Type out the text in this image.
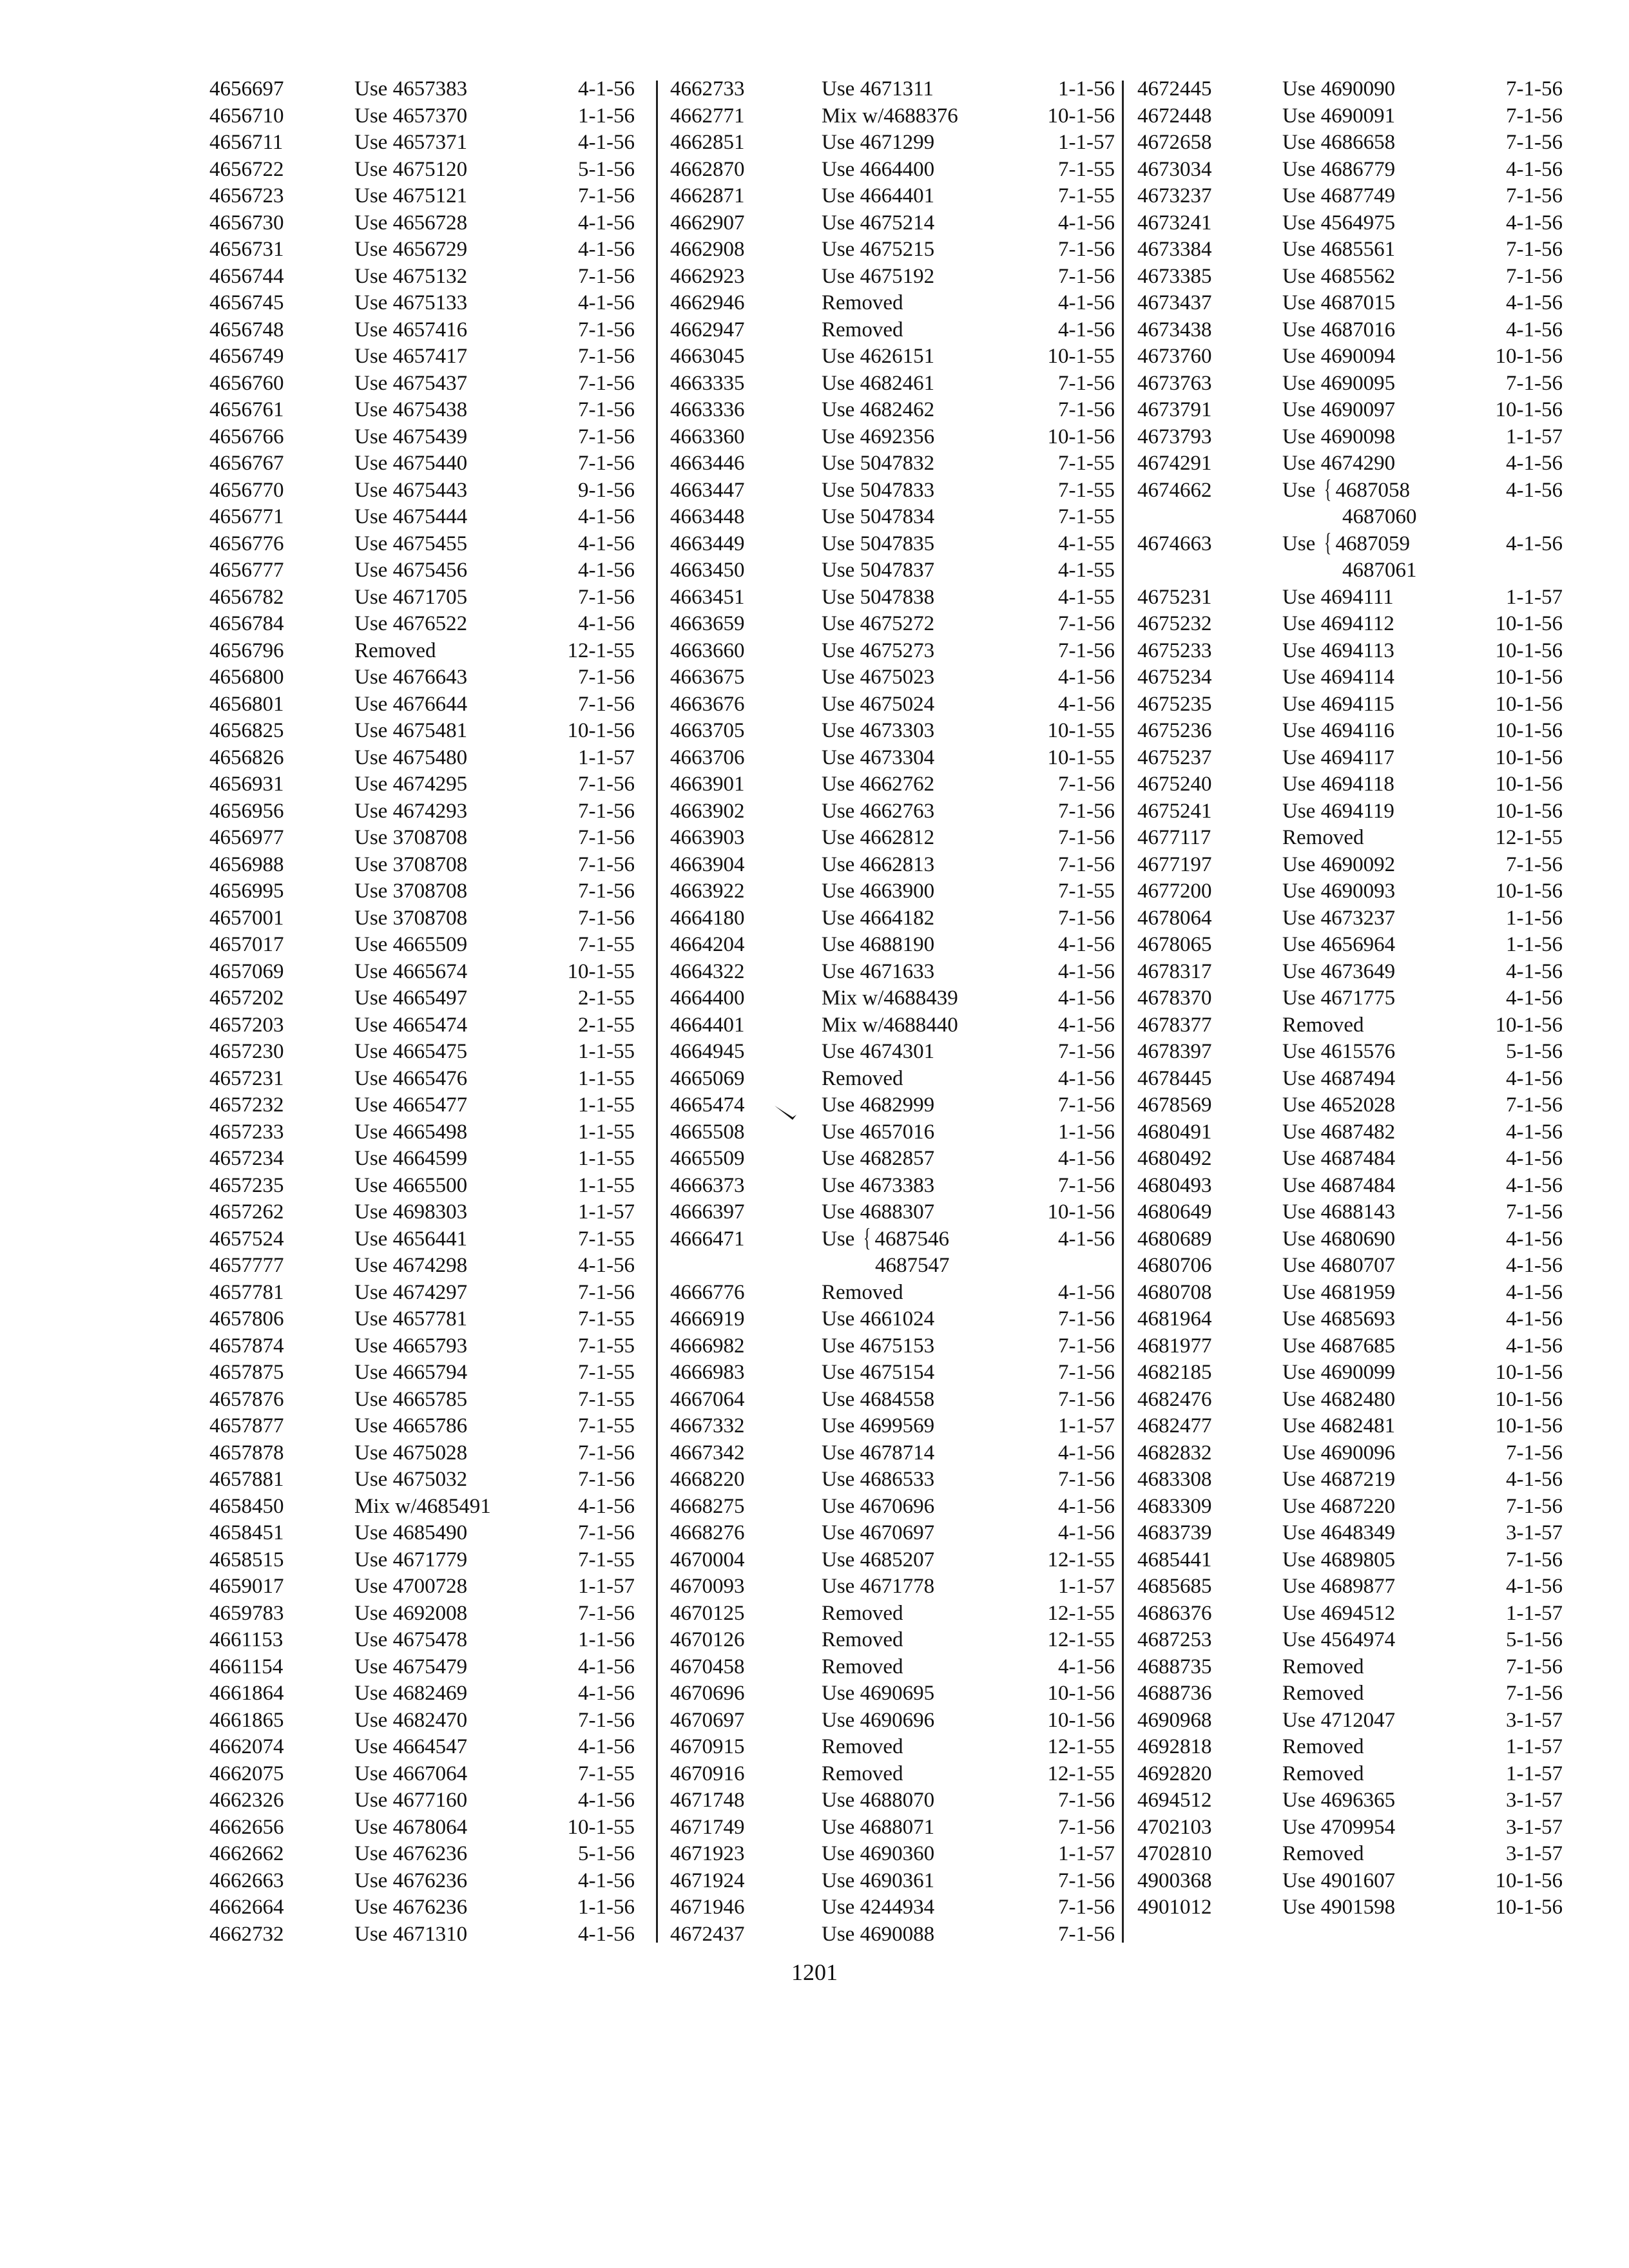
4656697	Use 4657383	4-1-56
4656710	Use 4657370	1-1-56
4656711	Use 4657371	4-1-56
4656722	Use 4675120	5-1-56
4656723	Use 4675121	7-1-56
4656730	Use 4656728	4-1-56
4656731	Use 4656729	4-1-56
4656744	Use 4675132	7-1-56
4656745	Use 4675133	4-1-56
4656748	Use 4657416	7-1-56
4656749	Use 4657417	7-1-56
4656760	Use 4675437	7-1-56
4656761	Use 4675438	7-1-56
4656766	Use 4675439	7-1-56
4656767	Use 4675440	7-1-56
4656770	Use 4675443	9-1-56
4656771	Use 4675444	4-1-56
4656776	Use 4675455	4-1-56
4656777	Use 4675456	4-1-56
4656782	Use 4671705	7-1-56
4656784	Use 4676522	4-1-56
4656796	Removed	12-1-55
4656800	Use 4676643	7-1-56
4656801	Use 4676644	7-1-56
4656825	Use 4675481	10-1-56
4656826	Use 4675480	1-1-57
4656931	Use 4674295	7-1-56
4656956	Use 4674293	7-1-56
4656977	Use 3708708	7-1-56
4656988	Use 3708708	7-1-56
4656995	Use 3708708	7-1-56
4657001	Use 3708708	7-1-56
4657017	Use 4665509	7-1-55
4657069	Use 4665674	10-1-55
4657202	Use 4665497	2-1-55
4657203	Use 4665474	2-1-55
4657230	Use 4665475	1-1-55
4657231	Use 4665476	1-1-55
4657232	Use 4665477	1-1-55
4657233	Use 4665498	1-1-55
4657234	Use 4664599	1-1-55
4657235	Use 4665500	1-1-55
4657262	Use 4698303	1-1-57
4657524	Use 4656441	7-1-55
4657777	Use 4674298	4-1-56
4657781	Use 4674297	7-1-56
4657806	Use 4657781	7-1-55
4657874	Use 4665793	7-1-55
4657875	Use 4665794	7-1-55
4657876	Use 4665785	7-1-55
4657877	Use 4665786	7-1-55
4657878	Use 4675028	7-1-56
4657881	Use 4675032	7-1-56
4658450	Mix w/4685491	4-1-56
4658451	Use 4685490	7-1-56
4658515	Use 4671779	7-1-55
4659017	Use 4700728	1-1-57
4659783	Use 4692008	7-1-56
4661153	Use 4675478	1-1-56
4661154	Use 4675479	4-1-56
4661864	Use 4682469	4-1-56
4661865	Use 4682470	7-1-56
4662074	Use 4664547	4-1-56
4662075	Use 4667064	7-1-55
4662326	Use 4677160	4-1-56
4662656	Use 4678064	10-1-55
4662662	Use 4676236	5-1-56
4662663	Use 4676236	4-1-56
4662664	Use 4676236	1-1-56
4662732	Use 4671310	4-1-56
4662733	Use 4671311	1-1-56
4662771	Mix w/4688376	10-1-56
4662851	Use 4671299	1-1-57
4662870	Use 4664400	7-1-55
4662871	Use 4664401	7-1-55
4662907	Use 4675214	4-1-56
4662908	Use 4675215	7-1-56
4662923	Use 4675192	7-1-56
4662946	Removed	4-1-56
4662947	Removed	4-1-56
4663045	Use 4626151	10-1-55
4663335	Use 4682461	7-1-56
4663336	Use 4682462	7-1-56
4663360	Use 4692356	10-1-56
4663446	Use 5047832	7-1-55
4663447	Use 5047833	7-1-55
4663448	Use 5047834	7-1-55
4663449	Use 5047835	4-1-55
4663450	Use 5047837	4-1-55
4663451	Use 5047838	4-1-55
4663659	Use 4675272	7-1-56
4663660	Use 4675273	7-1-56
4663675	Use 4675023	4-1-56
4663676	Use 4675024	4-1-56
4663705	Use 4673303	10-1-55
4663706	Use 4673304	10-1-55
4663901	Use 4662762	7-1-56
4663902	Use 4662763	7-1-56
4663903	Use 4662812	7-1-56
4663904	Use 4662813	7-1-56
4663922	Use 4663900	7-1-55
4664180	Use 4664182	7-1-56
4664204	Use 4688190	4-1-56
4664322	Use 4671633	4-1-56
4664400	Mix w/4688439	4-1-56
4664401	Mix w/4688440	4-1-56
4664945	Use 4674301	7-1-56
4665069	Removed	4-1-56
4665474	Use 4682999	7-1-56
4665508	Use 4657016	1-1-56
4665509	Use 4682857	4-1-56
4666373	Use 4673383	7-1-56
4666397	Use 4688307	10-1-56
4666471	Use { 4687546	4-1-56
4687547
4666776	Removed	4-1-56
4666919	Use 4661024	7-1-56
4666982	Use 4675153	7-1-56
4666983	Use 4675154	7-1-56
4667064	Use 4684558	7-1-56
4667332	Use 4699569	1-1-57
4667342	Use 4678714	4-1-56
4668220	Use 4686533	7-1-56
4668275	Use 4670696	4-1-56
4668276	Use 4670697	4-1-56
4670004	Use 4685207	12-1-55
4670093	Use 4671778	1-1-57
4670125	Removed	12-1-55
4670126	Removed	12-1-55
4670458	Removed	4-1-56
4670696	Use 4690695	10-1-56
4670697	Use 4690696	10-1-56
4670915	Removed	12-1-55
4670916	Removed	12-1-55
4671748	Use 4688070	7-1-56
4671749	Use 4688071	7-1-56
4671923	Use 4690360	1-1-57
4671924	Use 4690361	7-1-56
4671946	Use 4244934	7-1-56
4672437	Use 4690088	7-1-56
4672445	Use 4690090	7-1-56
4672448	Use 4690091	7-1-56
4672658	Use 4686658	7-1-56
4673034	Use 4686779	4-1-56
4673237	Use 4687749	7-1-56
4673241	Use 4564975	4-1-56
4673384	Use 4685561	7-1-56
4673385	Use 4685562	7-1-56
4673437	Use 4687015	4-1-56
4673438	Use 4687016	4-1-56
4673760	Use 4690094	10-1-56
4673763	Use 4690095	7-1-56
4673791	Use 4690097	10-1-56
4673793	Use 4690098	1-1-57
4674291	Use 4674290	4-1-56
4674662	Use { 4687058	4-1-56
4687060
4674663	Use { 4687059	4-1-56
4687061
4675231	Use 4694111	1-1-57
4675232	Use 4694112	10-1-56
4675233	Use 4694113	10-1-56
4675234	Use 4694114	10-1-56
4675235	Use 4694115	10-1-56
4675236	Use 4694116	10-1-56
4675237	Use 4694117	10-1-56
4675240	Use 4694118	10-1-56
4675241	Use 4694119	10-1-56
4677117	Removed	12-1-55
4677197	Use 4690092	7-1-56
4677200	Use 4690093	10-1-56
4678064	Use 4673237	1-1-56
4678065	Use 4656964	1-1-56
4678317	Use 4673649	4-1-56
4678370	Use 4671775	4-1-56
4678377	Removed	10-1-56
4678397	Use 4615576	5-1-56
4678445	Use 4687494	4-1-56
4678569	Use 4652028	7-1-56
4680491	Use 4687482	4-1-56
4680492	Use 4687484	4-1-56
4680493	Use 4687484	4-1-56
4680649	Use 4688143	7-1-56
4680689	Use 4680690	4-1-56
4680706	Use 4680707	4-1-56
4680708	Use 4681959	4-1-56
4681964	Use 4685693	4-1-56
4681977	Use 4687685	4-1-56
4682185	Use 4690099	10-1-56
4682476	Use 4682480	10-1-56
4682477	Use 4682481	10-1-56
4682832	Use 4690096	7-1-56
4683308	Use 4687219	4-1-56
4683309	Use 4687220	7-1-56
4683739	Use 4648349	3-1-57
4685441	Use 4689805	7-1-56
4685685	Use 4689877	4-1-56
4686376	Use 4694512	1-1-57
4687253	Use 4564974	5-1-56
4688735	Removed	7-1-56
4688736	Removed	7-1-56
4690968	Use 4712047	3-1-57
4692818	Removed	1-1-57
4692820	Removed	1-1-57
4694512	Use 4696365	3-1-57
4702103	Use 4709954	3-1-57
4702810	Removed	3-1-57
4900368	Use 4901607	10-1-56
4901012	Use 4901598	10-1-56
1201
